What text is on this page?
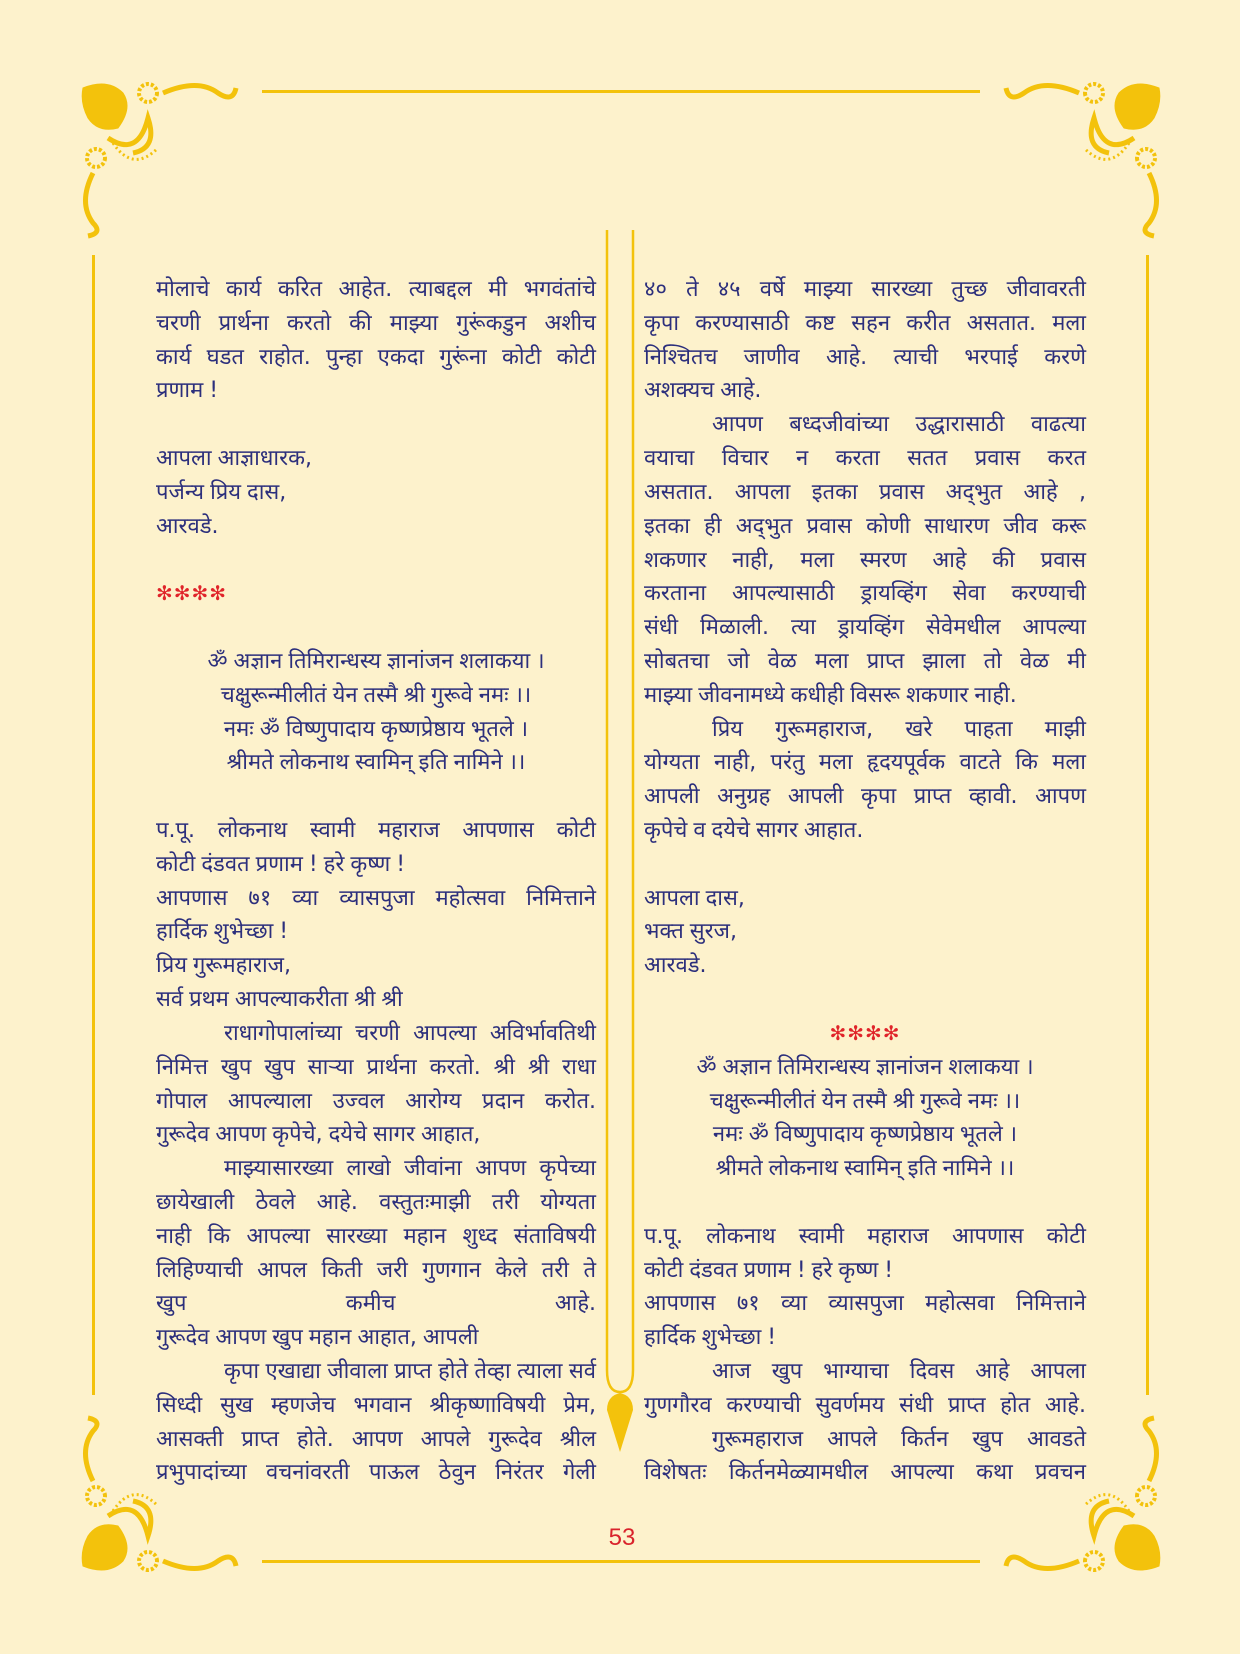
मोलाचे कार्य करित आहेत. त्याबद्दल मी भगवंतांचे
चरणी प्रार्थना करतो की माझ्या गुरूंकडुन अशीच
कार्य घडत राहोत. पुन्हा एकदा गुरूंना कोटी कोटी
प्रणाम !
आपला आज्ञाधारक,
पर्जन्य प्रिय दास,
आरवडे.
✻✻✻✻
ॐ अज्ञान तिमिरान्धस्य ज्ञानांजन शलाकया ।
चक्षुरून्मीलीतं येन तस्मै श्री गुरूवे नमः ।।
नमः ॐ विष्णुपादाय कृष्णप्रेष्ठाय भूतले ।
श्रीमते लोकनाथ स्वामिन् इति नामिने ।।
प.पू. लोकनाथ स्वामी महाराज आपणास कोटी
कोटी दंडवत प्रणाम ! हरे कृष्ण !
आपणास ७१ व्या व्यासपुजा महोत्सवा निमित्ताने
हार्दिक शुभेच्छा !
प्रिय गुरूमहाराज,
सर्व प्रथम आपल्याकरीता श्री श्री
राधागोपालांच्या चरणी आपल्या अविर्भावतिथी
निमित्त खुप खुप साऱ्या प्रार्थना करतो. श्री श्री राधा
गोपाल आपल्याला उज्वल आरोग्य प्रदान करोत.
गुरूदेव आपण कृपेचे, दयेचे सागर आहात,
माझ्यासारख्या लाखो जीवांना आपण कृपेच्या
छायेखाली ठेवले आहे. वस्तुतःमाझी तरी योग्यता
नाही कि आपल्या सारख्या महान शुध्द संताविषयी
लिहिण्याची आपल किती जरी गुणगान केले तरी ते
खुप कमीच आहे.
गुरूदेव आपण खुप महान आहात, आपली
कृपा एखाद्या जीवाला प्राप्त होते तेव्हा त्याला सर्व
सिध्दी सुख म्हणजेच भगवान श्रीकृष्णाविषयी प्रेम,
आसक्ती प्राप्त होते. आपण आपले गुरूदेव श्रील
प्रभुपादांच्या वचनांवरती पाऊल ठेवुन निरंतर गेली
४० ते ४५ वर्षे माझ्या सारख्या तुच्छ जीवावरती
कृपा करण्यासाठी कष्ट सहन करीत असतात. मला
निश्चितच जाणीव आहे. त्याची भरपाई करणे
अशक्यच आहे.
आपण बध्दजीवांच्या उद्धारासाठी वाढत्या
वयाचा विचार न करता सतत प्रवास करत
असतात. आपला इतका प्रवास अद्‍भुत आहे ,
इतका ही अद्‍भुत प्रवास कोणी साधारण जीव करू
शकणार नाही, मला स्मरण आहे की प्रवास
करताना आपल्यासाठी ड्रायव्हिंग सेवा करण्याची
संधी मिळाली. त्या ड्रायव्हिंग सेवेमधील आपल्या
सोबतचा जो वेळ मला प्राप्त झाला तो वेळ मी
माझ्या जीवनामध्ये कधीही विसरू शकणार नाही.
प्रिय गुरूमहाराज, खरे पाहता माझी
योग्यता नाही, परंतु मला हृदयपूर्वक वाटते कि मला
आपली अनुग्रह आपली कृपा प्राप्त व्हावी. आपण
कृपेचे व दयेचे सागर आहात.
आपला दास,
भक्त सुरज,
आरवडे.
✻✻✻✻
ॐ अज्ञान तिमिरान्धस्य ज्ञानांजन शलाकया ।
चक्षुरून्मीलीतं येन तस्मै श्री गुरूवे नमः ।।
नमः ॐ विष्णुपादाय कृष्णप्रेष्ठाय भूतले ।
श्रीमते लोकनाथ स्वामिन् इति नामिने ।।
प.पू. लोकनाथ स्वामी महाराज आपणास कोटी
कोटी दंडवत प्रणाम ! हरे कृष्ण !
आपणास ७१ व्या व्यासपुजा महोत्सवा निमित्ताने
हार्दिक शुभेच्छा !
आज खुप भाग्याचा दिवस आहे आपला
गुणगौरव करण्याची सुवर्णमय संधी प्राप्त होत आहे.
गुरूमहाराज आपले किर्तन खुप आवडते
विशेषतः किर्तनमेळ्यामधील आपल्या कथा प्रवचन
53
